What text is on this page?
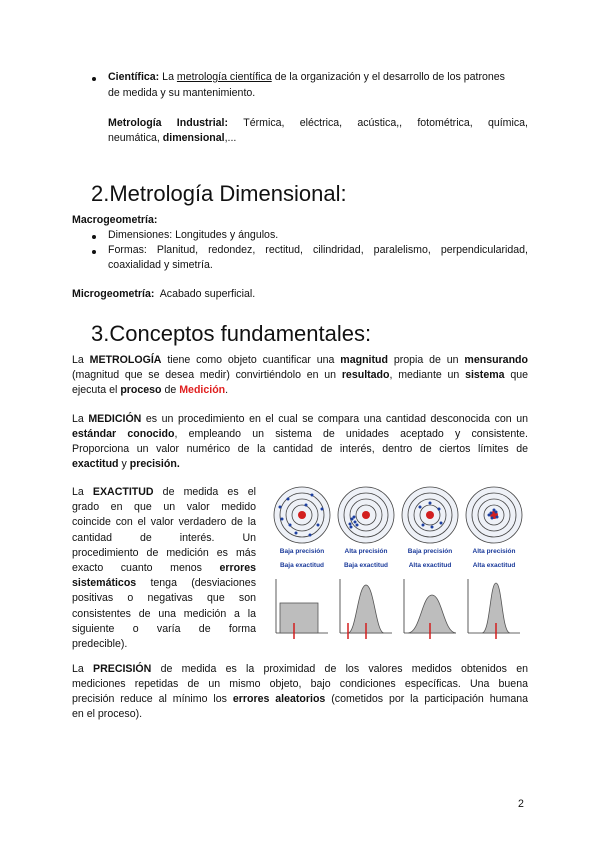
Científica: La metrología científica de la organización y el desarrollo de los patrones
de medida y su mantenimiento.
Metrología Industrial: Térmica, eléctrica, acústica,, fotométrica, química,
neumática, dimensional,...
2.Metrología Dimensional:
Macrogeometría:
Dimensiones: Longitudes y ángulos.
Formas: Planitud, redondez, rectitud, cilindridad, paralelismo, perpendicularidad,
coaxialidad y simetría.
Microgeometría: Acabado superficial.
3.Conceptos fundamentales:
La METROLOGÍA tiene como objeto cuantificar una magnitud propia de un mensurando
(magnitud que se desea medir) convirtiéndolo en un resultado, mediante un sistema que
ejecuta el proceso de Medición.
La MEDICIÓN es un procedimiento en el cual se compara una cantidad desconocida con un
estándar conocido, empleando un sistema de unidades aceptado y consistente.
Proporciona un valor numérico de la cantidad de interés, dentro de ciertos límites de
exactitud y precisión.
La EXACTITUD de medida es el
grado en que un valor medido
coincide con el valor verdadero de la
cantidad de interés. Un
procedimiento de medición es más
exacto cuanto menos errores
sistemáticos tenga (desviaciones
positivas o negativas que son
consistentes de una medición a la
siguiente o varía de forma
predecible).
Baja precisión	Alta precisión	Baja precisión	Alta precisión
Baja exactitud	Baja exactitud	Alta exactitud	Alta exactitud
La PRECISIÓN de medida es la proximidad de los valores medidos obtenidos en
mediciones repetidas de un mismo objeto, bajo condiciones específicas. Una buena
precisión reduce al mínimo los errores aleatorios (cometidos por la participación humana
en el proceso).
2
